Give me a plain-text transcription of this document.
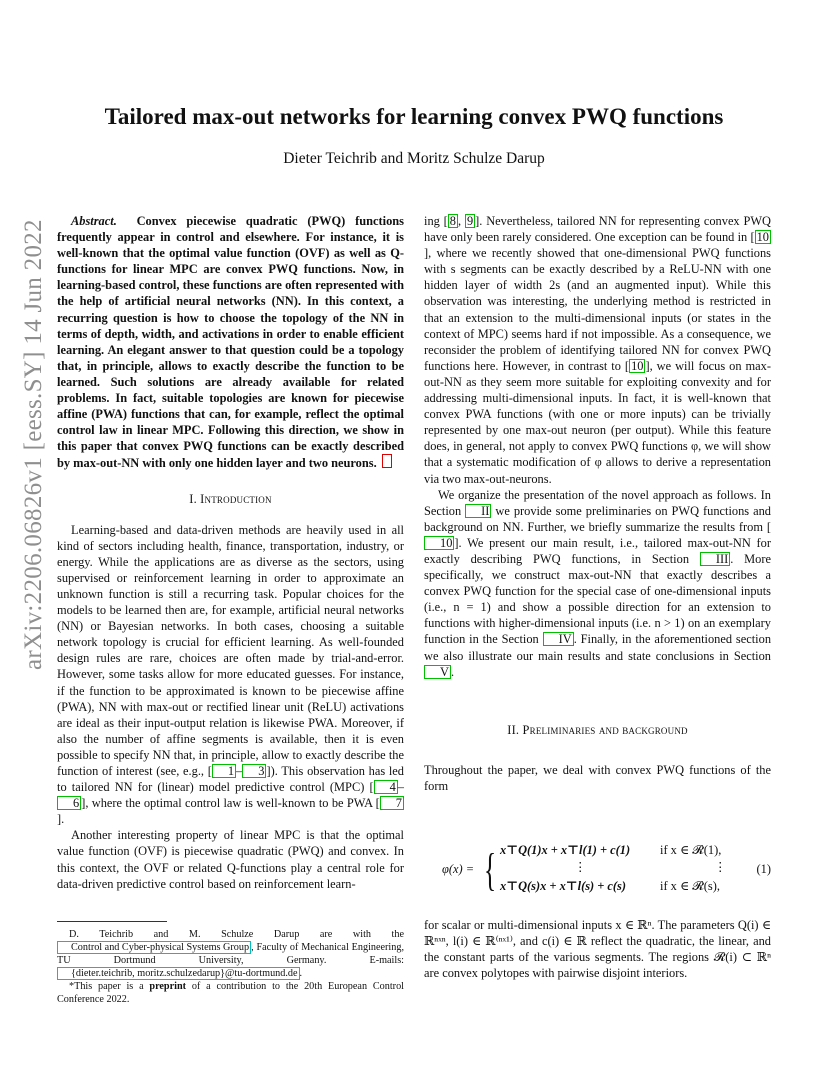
arXiv:2206.06826v1 [eess.SY] 14 Jun 2022
Tailored max-out networks for learning convex PWQ functions
Dieter Teichrib and Moritz Schulze Darup

Abstract. Convex piecewise quadratic (PWQ) functions frequently appear in control and elsewhere. For instance, it is well-known that the optimal value function (OVF) as well as Q-functions for linear MPC are convex PWQ functions. Now, in learning-based control, these functions are often represented with the help of artificial neural networks (NN). In this context, a recurring question is how to choose the topology of the NN in terms of depth, width, and activations in order to enable efficient learning. An elegant answer to that question could be a topology that, in principle, allows to exactly describe the function to be learned. Such solutions are already available for related problems. In fact, suitable topologies are known for piecewise affine (PWA) functions that can, for example, reflect the optimal control law in linear MPC. Following this direction, we show in this paper that convex PWQ functions can be exactly described by max-out-NN with only one hidden layer and two neurons.

I. Introduction

Learning-based and data-driven methods are heavily used in all kind of sectors including health, finance, transportation, industry, or energy. While the applications are as diverse as the sectors, using supervised or reinforcement learning in order to approximate an unknown function is still a recurring task. Popular choices for the models to be learned then are, for example, artificial neural networks (NN) or Bayesian networks. In both cases, choosing a suitable network topology is crucial for efficient learning. As well-founded design rules are rare, choices are often made by trial-and-error. However, some tasks allow for more educated guesses. For instance, if the function to be approximated is known to be piecewise affine (PWA), NN with max-out or rectified linear unit (ReLU) activations are ideal as their input-output relation is likewise PWA. Moreover, if also the number of affine segments is available, then it is even possible to specify NN that, in principle, allow to exactly describe the function of interest (see, e.g., [ 1 – 3 ]). This observation has led to tailored NN for (linear) model predictive control (MPC) [ 4 –6 ], where the optimal control law is well-known to be PWA [ 7].

Another interesting property of linear MPC is that the optimal value function (OVF) is piecewise quadratic (PWQ) and convex. In this context, the OVF or related Q-functions play a central role for data-driven predictive control based on reinforcement learn-

ing [ 8 , 9 ]. Nevertheless, tailored NN for representing convex PWQ have only been rarely considered. One exception can be found in [ 10], where we recently showed that one-dimensional PWQ functions with s segments can be exactly described by a ReLU-NN with one hidden layer of width 2s (and an augmented input). While this observation was interesting, the underlying method is restricted in that an extension to the multi-dimensional inputs (or states in the context of MPC) seems hard if not impossible. As a consequence, we reconsider the problem of identifying tailored NN for convex PWQ functions here. However, in contrast to [ 10 ], we will focus on max-out-NN as they seem more suitable for exploiting convexity and for addressing multi-dimensional inputs. In fact, it is well-known that convex PWA functions (with one or more inputs) can be trivially represented by one max-out neuron (per output). While this feature does, in general, not apply to convex PWQ functions φ, we will show that a systematic modification of φ allows to derive a representation via two max-out-neurons.

We organize the presentation of the novel approach as follows. In Section II we provide some preliminaries on PWQ functions and background on NN. Further, we briefly summarize the results from [10 ]. We present our main result, i.e., tailored max-out-NN for exactly describing PWQ functions, in Section III . More specifically, we construct max-out-NN that exactly describes a convex PWQ function for the special case of one-dimensional inputs (i.e., n = 1) and show a possible direction for an extension to functions with higher-dimensional inputs (i.e. n > 1) on an exemplary function in the Section IV . Finally, in the aforementioned section we also illustrate our main results and state conclusions in Section V .

II. Preliminaries and background

Throughout the paper, we deal with convex PWQ functions of the form

φ(x) = { x⊤Q(1)x + x⊤l(1) + c(1) if x ∈ 𝓡(1),
⋮	⋮
x⊤Q(s)x + x⊤l(s) + c(s)	if x ∈ 𝓡(s),
(1)

for scalar or multi-dimensional inputs x ∈ ℝⁿ. The parameters Q(i) ∈ ℝⁿˣⁿ, l(i) ∈ ℝ⁽ⁿˣ¹⁾, and c(i) ∈ ℝ reflect the quadratic, the linear, and the constant parts of the various segments. The regions 𝓡(i) ⊂ ℝⁿ are convex polytopes with pairwise disjoint interiors.

D. Teichrib and M. Schulze Darup are with the Control and Cyber-physical Systems Group , Faculty of Mechanical Engineering, TU Dortmund University, Germany. E-mails: {dieter.teichrib, moritz.schulzedarup}@tu-dortmund.de .

*This paper is a preprint of a contribution to the 20th European Control Conference 2022.
